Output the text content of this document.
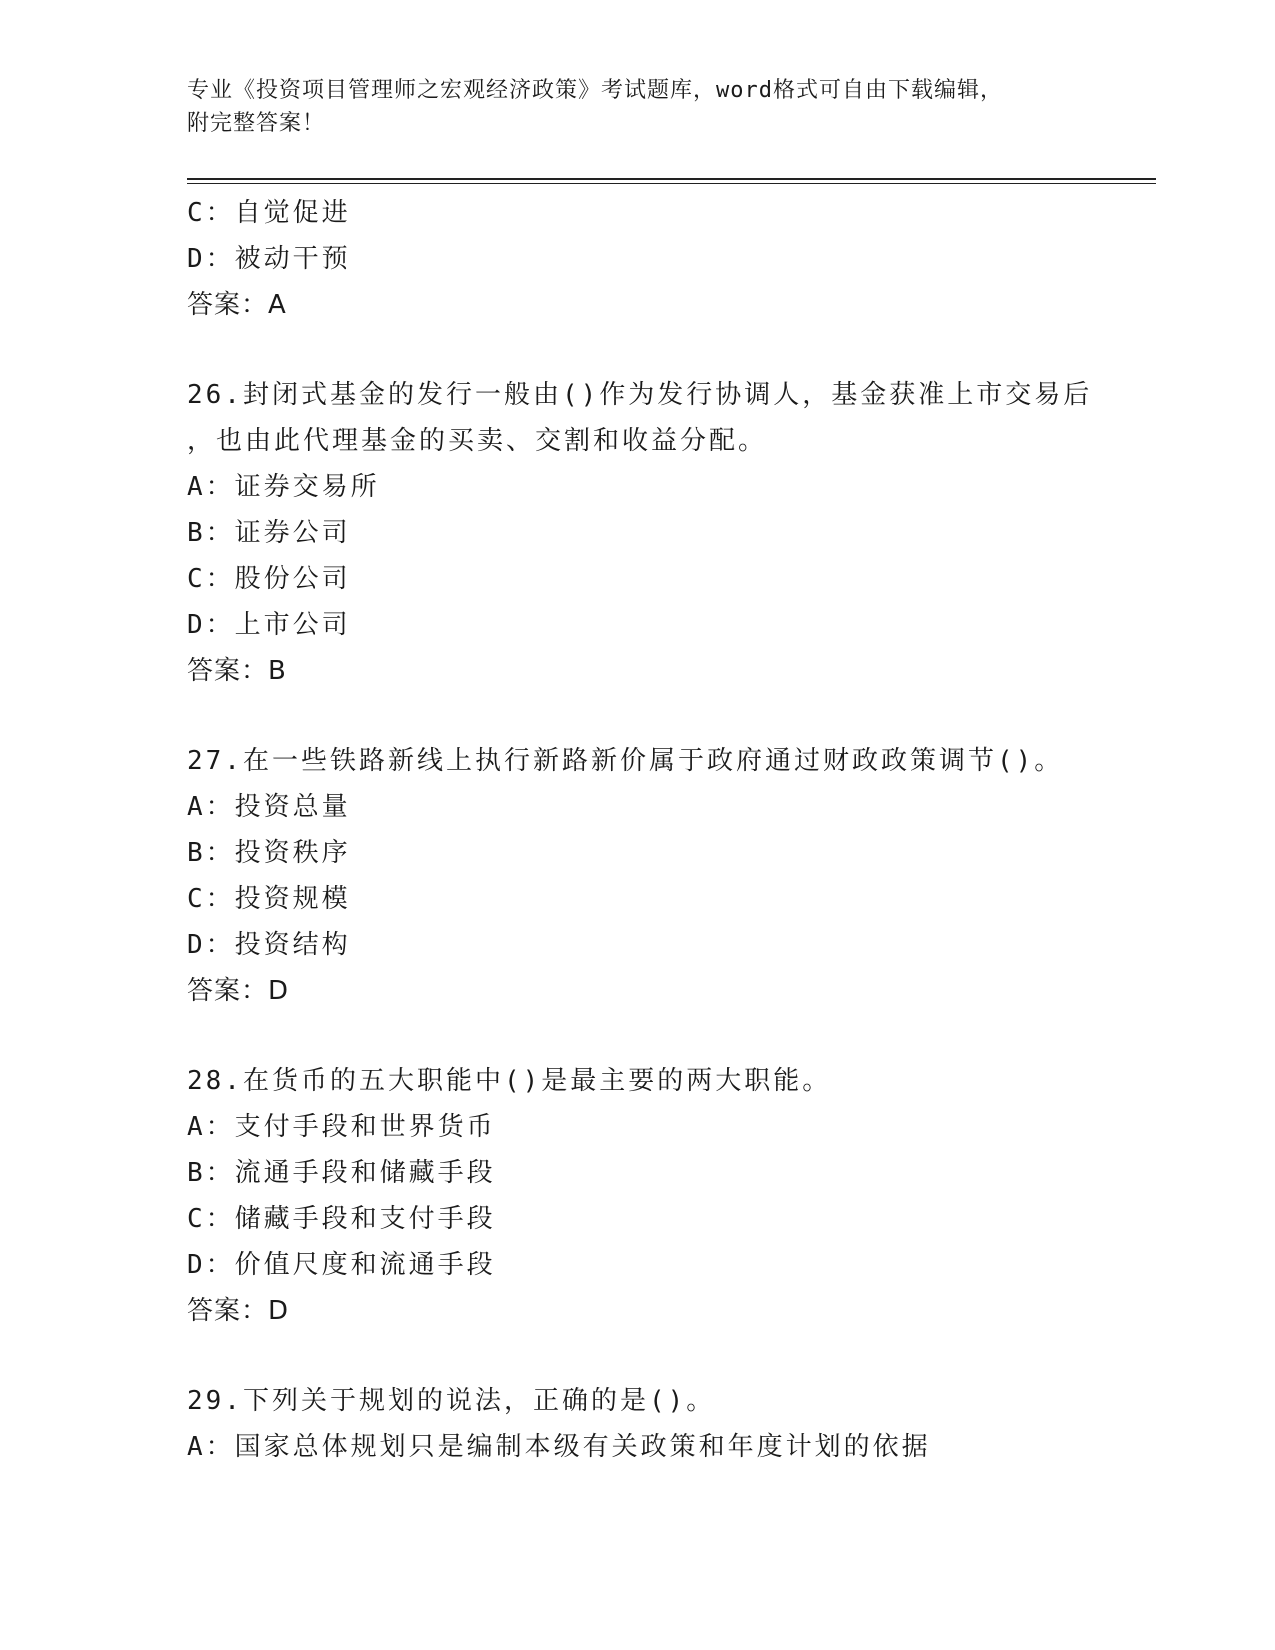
专业《投资项目管理师之宏观经济政策》考试题库，word格式可自由下载编辑，
附完整答案！
C：自觉促进
D：被动干预
答案：A
26.封闭式基金的发行一般由()作为发行协调人，基金获准上市交易后
，也由此代理基金的买卖、交割和收益分配。
A：证券交易所
B：证券公司
C：股份公司
D：上市公司
答案：B
27.在一些铁路新线上执行新路新价属于政府通过财政政策调节()。
A：投资总量
B：投资秩序
C：投资规模
D：投资结构
答案：D
28.在货币的五大职能中()是最主要的两大职能。
A：支付手段和世界货币
B：流通手段和储藏手段
C：储藏手段和支付手段
D：价值尺度和流通手段
答案：D
29.下列关于规划的说法，正确的是()。
A：国家总体规划只是编制本级有关政策和年度计划的依据
